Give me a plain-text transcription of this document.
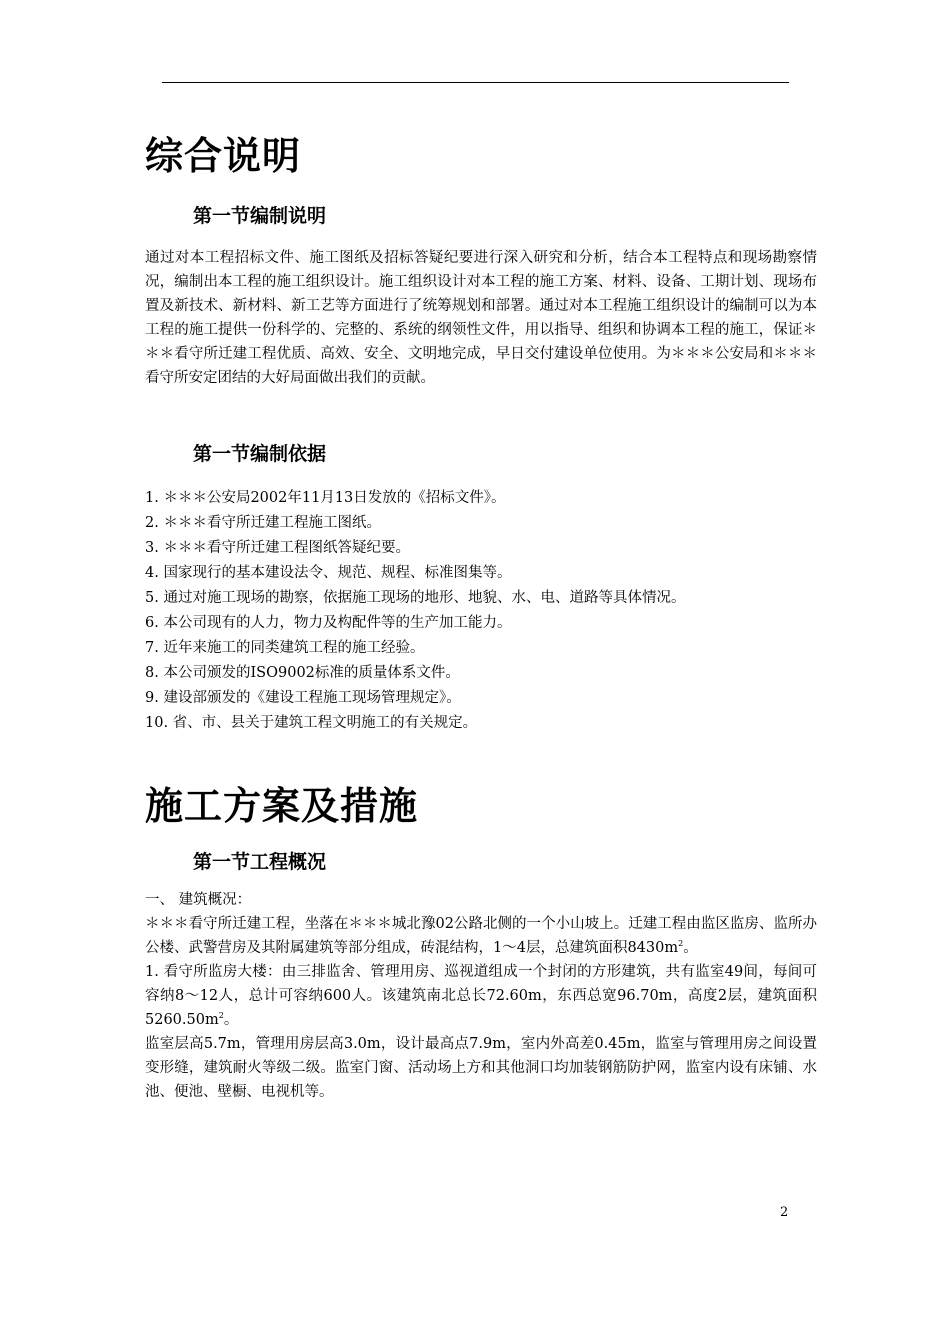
综合说明
第一节编制说明

通过对本工程招标文件、施工图纸及招标答疑纪要进行深入研究和分析，结合本工程特点和现场勘察情况，编制出本工程的施工组织设计。施工组织设计对本工程的施工方案、材料、设备、工期计划、现场布置及新技术、新材料、新工艺等方面进行了统筹规划和部署。通过对本工程施工组织设计的编制可以为本工程的施工提供一份科学的、完整的、系统的纲领性文件，用以指导、组织和协调本工程的施工，保证＊＊＊看守所迁建工程优质、高效、安全、文明地完成，早日交付建设单位使用。为＊＊＊公安局和＊＊＊看守所安定团结的大好局面做出我们的贡献。

第一节编制依据
1. ＊＊＊公安局2002年11月13日发放的《招标文件》。
2. ＊＊＊看守所迁建工程施工图纸。
3. ＊＊＊看守所迁建工程图纸答疑纪要。
4. 国家现行的基本建设法令、规范、规程、标准图集等。
5. 通过对施工现场的勘察，依据施工现场的地形、地貌、水、电、道路等具体情况。
6. 本公司现有的人力，物力及构配件等的生产加工能力。
7. 近年来施工的同类建筑工程的施工经验。
8. 本公司颁发的ISO9002标准的质量体系文件。
9. 建设部颁发的《建设工程施工现场管理规定》。
10. 省、市、县关于建筑工程文明施工的有关规定。
施工方案及措施
第一节工程概况

一、 建筑概况：

＊＊＊看守所迁建工程，坐落在＊＊＊城北豫02公路北侧的一个小山坡上。迁建工程由监区监房、监所办公楼、武警营房及其附属建筑等部分组成，砖混结构，1～4层，总建筑面积$8430m^2$。

1. 看守所监房大楼：由三排监舍、管理用房、巡视道组成一个封闭的方形建筑，共有监室49间，每间可容纳8～12人，总计可容纳600人。该建筑南北总长72.60m，东西总宽96.70m，高度2层，建筑面积$5260.50m^2$。

监室层高5.7m，管理用房层高3.0m，设计最高点7.9m，室内外高差0.45m，监室与管理用房之间设置变形缝，建筑耐火等级二级。监室门窗、活动场上方和其他洞口均加装钢筋防护网，监室内设有床铺、水池、便池、壁橱、电视机等。

2
